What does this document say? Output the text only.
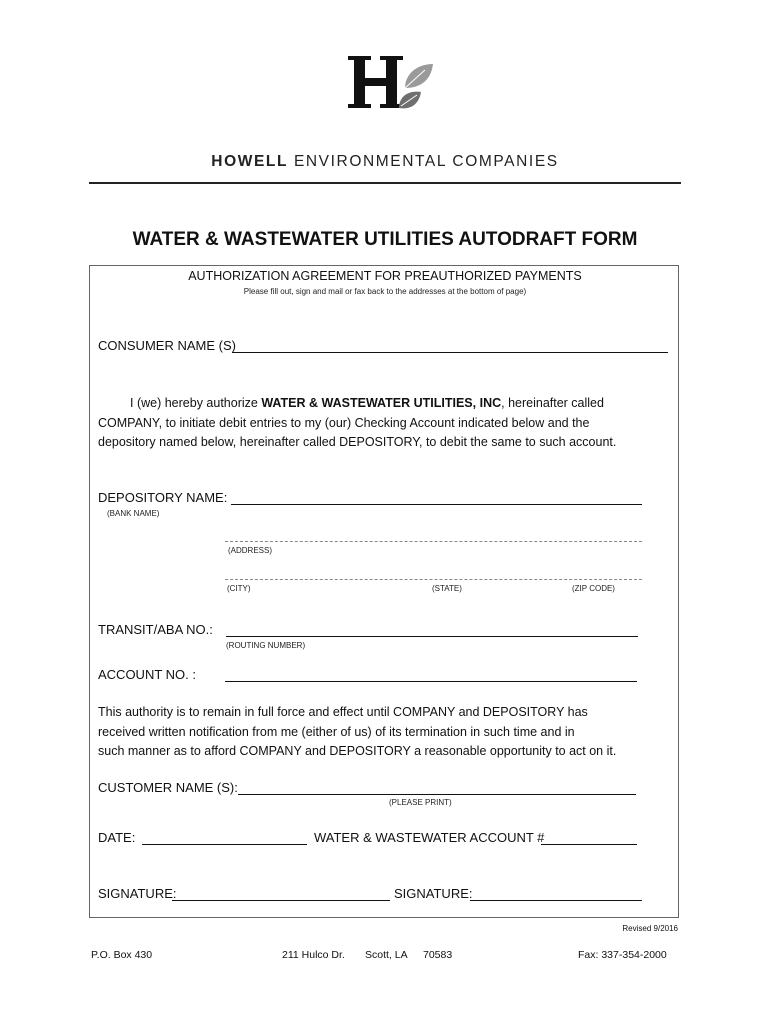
HOWELL ENVIRONMENTAL COMPANIES
WATER & WASTEWATER UTILITIES AUTODRAFT FORM
AUTHORIZATION AGREEMENT FOR PREAUTHORIZED PAYMENTS
Please fill out, sign and mail or fax back to the addresses at the bottom of page)
CONSUMER NAME (S)
I (we) hereby authorize WATER & WASTEWATER UTILITIES, INC, hereinafter called
COMPANY, to initiate debit entries to my (our) Checking Account indicated below and the
depository named below, hereinafter called DEPOSITORY, to debit the same to such account.
DEPOSITORY NAME:
(BANK NAME)
(ADDRESS)
(CITY)	(STATE)	(ZIP CODE)
TRANSIT/ABA NO.:
(ROUTING NUMBER)
ACCOUNT NO. :
This authority is to remain in full force and effect until COMPANY and DEPOSITORY has
received written notification from me (either of us) of its termination in such time and in
such manner as to afford COMPANY and DEPOSITORY a reasonable opportunity to act on it.
CUSTOMER NAME (S):
(PLEASE PRINT)
DATE:	WATER & WASTEWATER ACCOUNT #
SIGNATURE:	SIGNATURE:
Revised 9/2016
P.O. Box 430	211 Hulco Dr. Scott, LA 70583	Fax: 337-354-2000
